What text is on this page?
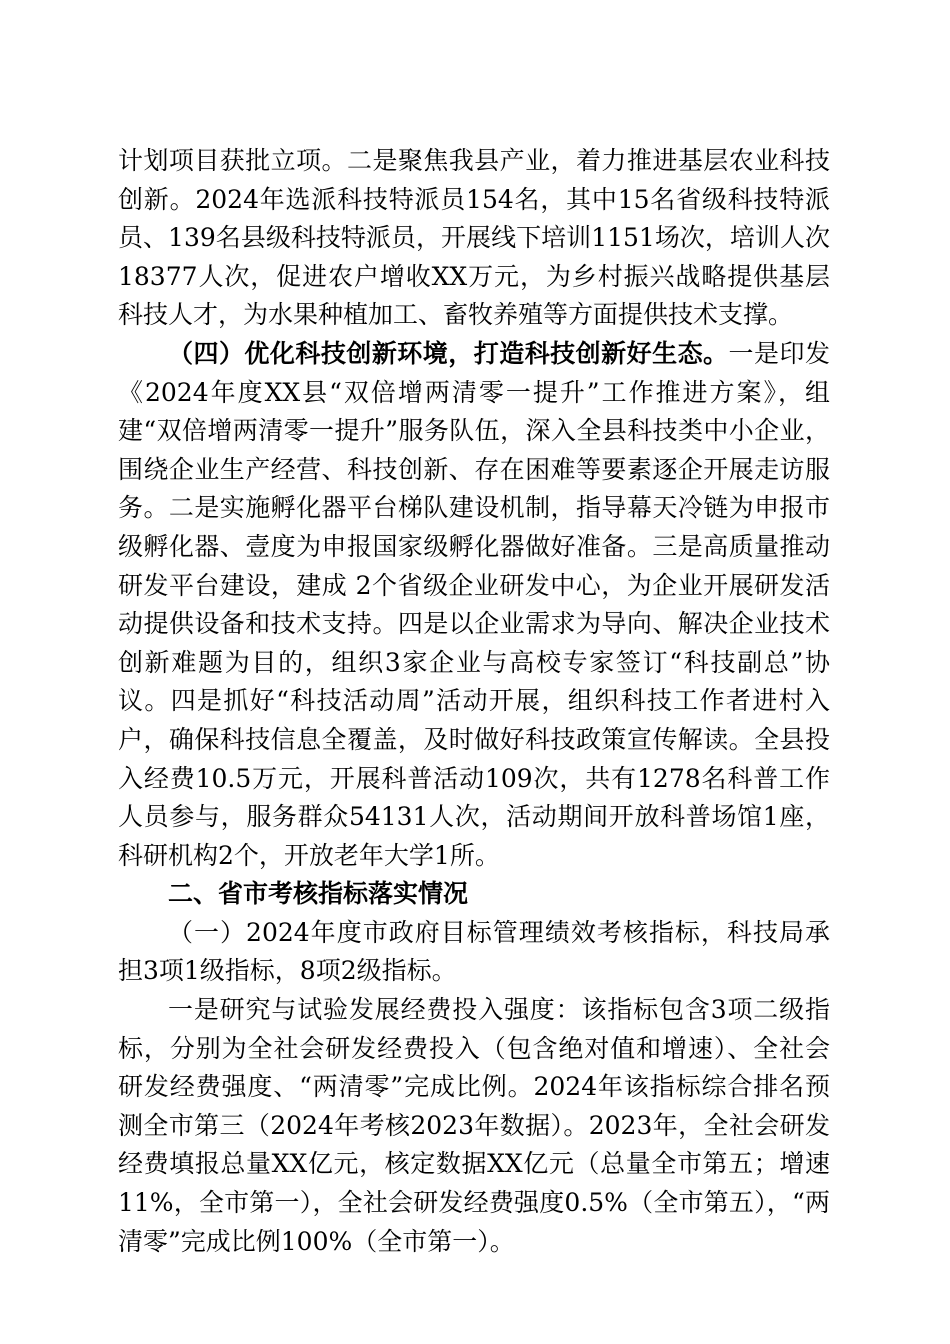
计划项目获批立项。二是聚焦我县产业，着力推进基层农业科技创新。2024年选派科技特派员154名，其中15名省级科技特派员、139名县级科技特派员，开展线下培训1151场次，培训人次18377人次，促进农户增收XX万元，为乡村振兴战略提供基层科技人才，为水果种植加工、畜牧养殖等方面提供技术支撑。

（四）优化科技创新环境，打造科技创新好生态。一是印发《2024年度XX县“双倍增两清零一提升”工作推进方案》，组建“双倍增两清零一提升”服务队伍，深入全县科技类中小企业，围绕企业生产经营、科技创新、存在困难等要素逐企开展走访服务。二是实施孵化器平台梯队建设机制，指导幕天冷链为申报市级孵化器、壹度为申报国家级孵化器做好准备。三是高质量推动研发平台建设，建成 2个省级企业研发中心，为企业开展研发活动提供设备和技术支持。四是以企业需求为导向、解决企业技术创新难题为目的，组织3家企业与高校专家签订“科技副总”协议。四是抓好“科技活动周”活动开展，组织科技工作者进村入户，确保科技信息全覆盖，及时做好科技政策宣传解读。全县投入经费10.5万元，开展科普活动109次，共有1278名科普工作人员参与，服务群众54131人次，活动期间开放科普场馆1座，科研机构2个，开放老年大学1所。

二、省市考核指标落实情况

（一）2024年度市政府目标管理绩效考核指标，科技局承担3项1级指标，8项2级指标。

一是研究与试验发展经费投入强度：该指标包含3项二级指标，分别为全社会研发经费投入（包含绝对值和增速）、全社会研发经费强度、“两清零”完成比例。2024年该指标综合排名预测全市第三（2024年考核2023年数据）。2023年，全社会研发经费填报总量XX亿元，核定数据XX亿元（总量全市第五；增速11%，全市第一），全社会研发经费强度0.5%（全市第五），“两清零”完成比例100%（全市第一）。
